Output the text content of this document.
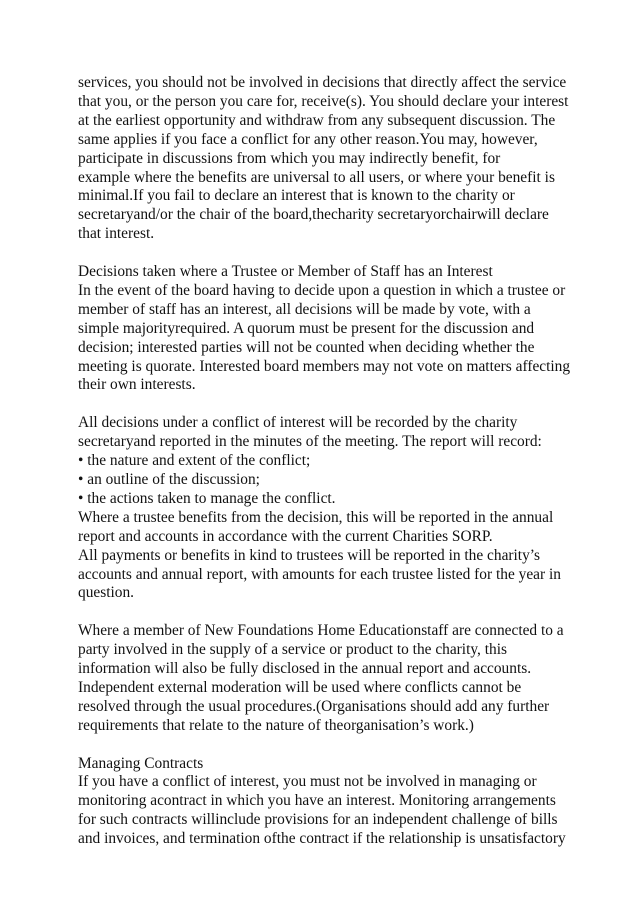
services, you should not be involved in decisions that directly affect the service
that you, or the person you care for, receive(s). You should declare your interest
at the earliest opportunity and withdraw from any subsequent discussion. The
same applies if you face a conflict for any other reason.You may, however,
participate in discussions from which you may indirectly benefit, for
example where the benefits are universal to all users, or where your benefit is
minimal.If you fail to declare an interest that is known to the charity or
secretaryand/or the chair of the board,thecharity secretaryorchairwill declare
that interest.
Decisions taken where a Trustee or Member of Staff has an Interest
In the event of the board having to decide upon a question in which a trustee or
member of staff has an interest, all decisions will be made by vote, with a
simple majorityrequired. A quorum must be present for the discussion and
decision; interested parties will not be counted when deciding whether the
meeting is quorate. Interested board members may not vote on matters affecting
their own interests.
All decisions under a conflict of interest will be recorded by the charity
secretaryand reported in the minutes of the meeting. The report will record:
• the nature and extent of the conflict;
• an outline of the discussion;
• the actions taken to manage the conflict.
Where a trustee benefits from the decision, this will be reported in the annual
report and accounts in accordance with the current Charities SORP.
All payments or benefits in kind to trustees will be reported in the charity’s
accounts and annual report, with amounts for each trustee listed for the year in
question.
Where a member of New Foundations Home Educationstaff are connected to a
party involved in the supply of a service or product to the charity, this
information will also be fully disclosed in the annual report and accounts.
Independent external moderation will be used where conflicts cannot be
resolved through the usual procedures.(Organisations should add any further
requirements that relate to the nature of theorganisation’s work.)
Managing Contracts
If you have a conflict of interest, you must not be involved in managing or
monitoring acontract in which you have an interest. Monitoring arrangements
for such contracts willinclude provisions for an independent challenge of bills
and invoices, and termination ofthe contract if the relationship is unsatisfactory
